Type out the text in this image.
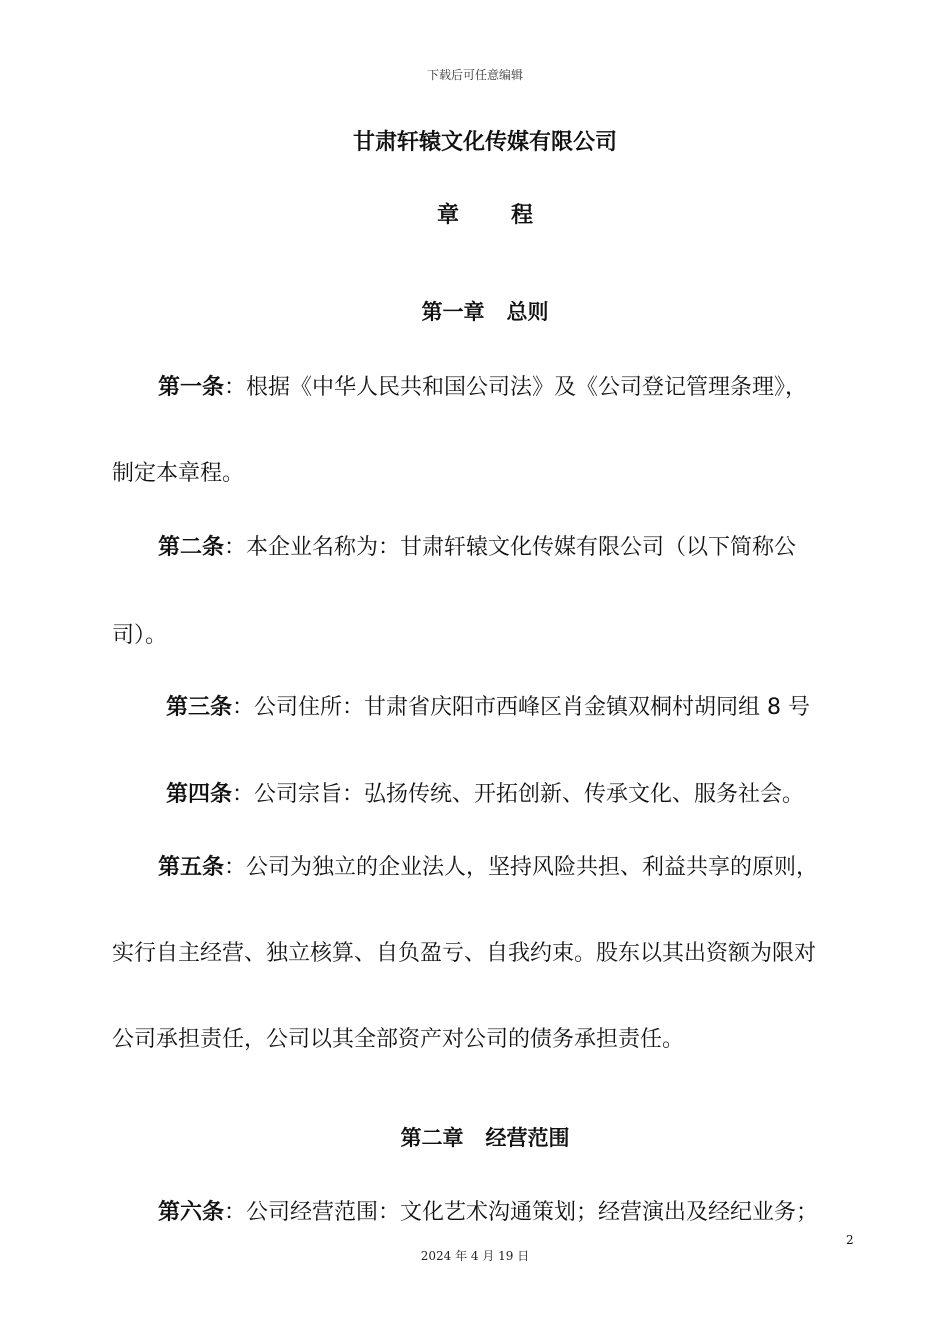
下载后可任意编辑
甘肃轩辕文化传媒有限公司
章 程
第一章 总则
第一条：根据《中华人民共和国公司法》及《公司登记管理条理》，
制定本章程。
第二条：本企业名称为：甘肃轩辕文化传媒有限公司（以下简称公
司）。
第三条：公司住所：甘肃省庆阳市西峰区肖金镇双桐村胡同组 8 号
第四条：公司宗旨：弘扬传统、开拓创新、传承文化、服务社会。
第五条：公司为独立的企业法人，坚持风险共担、利益共享的原则，
实行自主经营、独立核算、自负盈亏、自我约束。股东以其出资额为限对
公司承担责任，公司以其全部资产对公司的债务承担责任。
第二章 经营范围
第六条：公司经营范围：文化艺术沟通策划；经营演出及经纪业务；
2
2024 年 4 月 19 日
